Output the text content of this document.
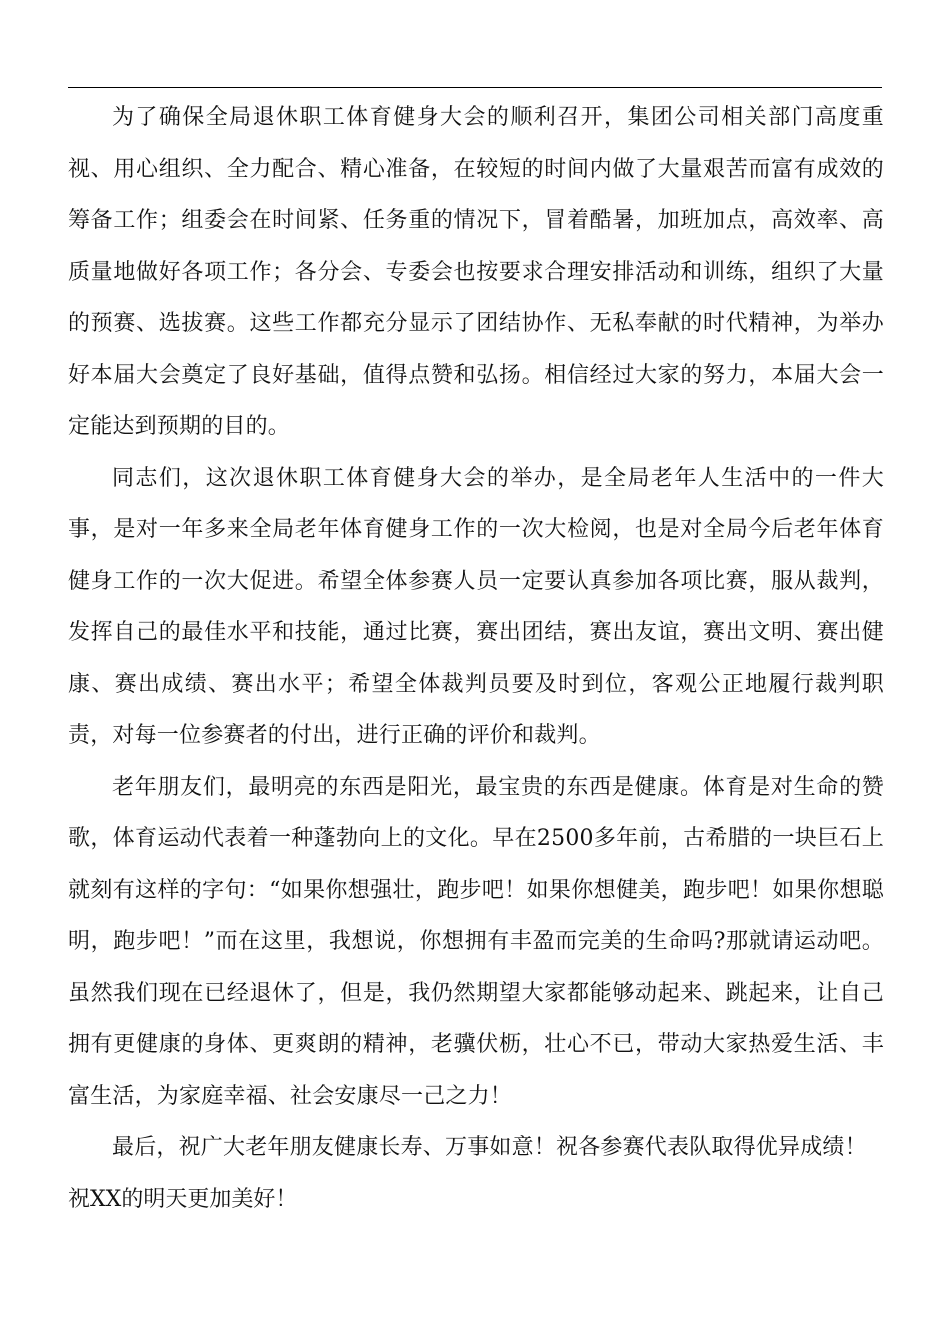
为了确保全局退休职工体育健身大会的顺利召开，集团公司相关部门高度重视、用心组织、全力配合、精心准备，在较短的时间内做了大量艰苦而富有成效的筹备工作；组委会在时间紧、任务重的情况下，冒着酷暑，加班加点，高效率、高质量地做好各项工作；各分会、专委会也按要求合理安排活动和训练，组织了大量的预赛、选拔赛。这些工作都充分显示了团结协作、无私奉献的时代精神，为举办好本届大会奠定了良好基础，值得点赞和弘扬。相信经过大家的努力，本届大会一定能达到预期的目的。

同志们，这次退休职工体育健身大会的举办，是全局老年人生活中的一件大事，是对一年多来全局老年体育健身工作的一次大检阅，也是对全局今后老年体育健身工作的一次大促进。希望全体参赛人员一定要认真参加各项比赛，服从裁判，发挥自己的最佳水平和技能，通过比赛，赛出团结，赛出友谊，赛出文明、赛出健康、赛出成绩、赛出水平；希望全体裁判员要及时到位，客观公正地履行裁判职责，对每一位参赛者的付出，进行正确的评价和裁判。

老年朋友们，最明亮的东西是阳光，最宝贵的东西是健康。体育是对生命的赞歌，体育运动代表着一种蓬勃向上的文化。早在2500多年前，古希腊的一块巨石上就刻有这样的字句：“如果你想强壮，跑步吧！如果你想健美，跑步吧！如果你想聪明，跑步吧！”而在这里，我想说，你想拥有丰盈而完美的生命吗?那就请运动吧。虽然我们现在已经退休了，但是，我仍然期望大家都能够动起来、跳起来，让自己拥有更健康的身体、更爽朗的精神，老骥伏枥，壮心不已，带动大家热爱生活、丰富生活，为家庭幸福、社会安康尽一己之力！

最后，祝广大老年朋友健康长寿、万事如意！祝各参赛代表队取得优异成绩！

祝XX的明天更加美好！
